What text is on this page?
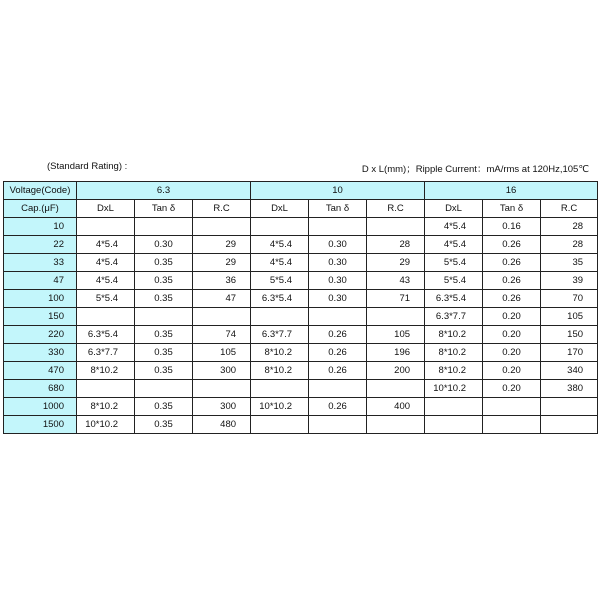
(Standard Rating) :	D x L(mm)；Ripple Current：mA/rms at 120Hz,105℃
Voltage(Code)	6.3			10			16		
Cap.(μF)	DxL	Tan δ	R.C	DxL	Tan δ	R.C	DxL	Tan δ	R.C
10							4*5.4	0.16	28
22	4*5.4	0.30	29	4*5.4	0.30	28	4*5.4	0.26	28
33	4*5.4	0.35	29	4*5.4	0.30	29	5*5.4	0.26	35
47	4*5.4	0.35	36	5*5.4	0.30	43	5*5.4	0.26	39
100	5*5.4	0.35	47	6.3*5.4	0.30	71	6.3*5.4	0.26	70
150							6.3*7.7	0.20	105
220	6.3*5.4	0.35	74	6.3*7.7	0.26	105	8*10.2	0.20	150
330	6.3*7.7	0.35	105	8*10.2	0.26	196	8*10.2	0.20	170
470	8*10.2	0.35	300	8*10.2	0.26	200	8*10.2	0.20	340
680							10*10.2	0.20	380
1000	8*10.2	0.35	300	10*10.2	0.26	400			
1500	10*10.2	0.35	480						
